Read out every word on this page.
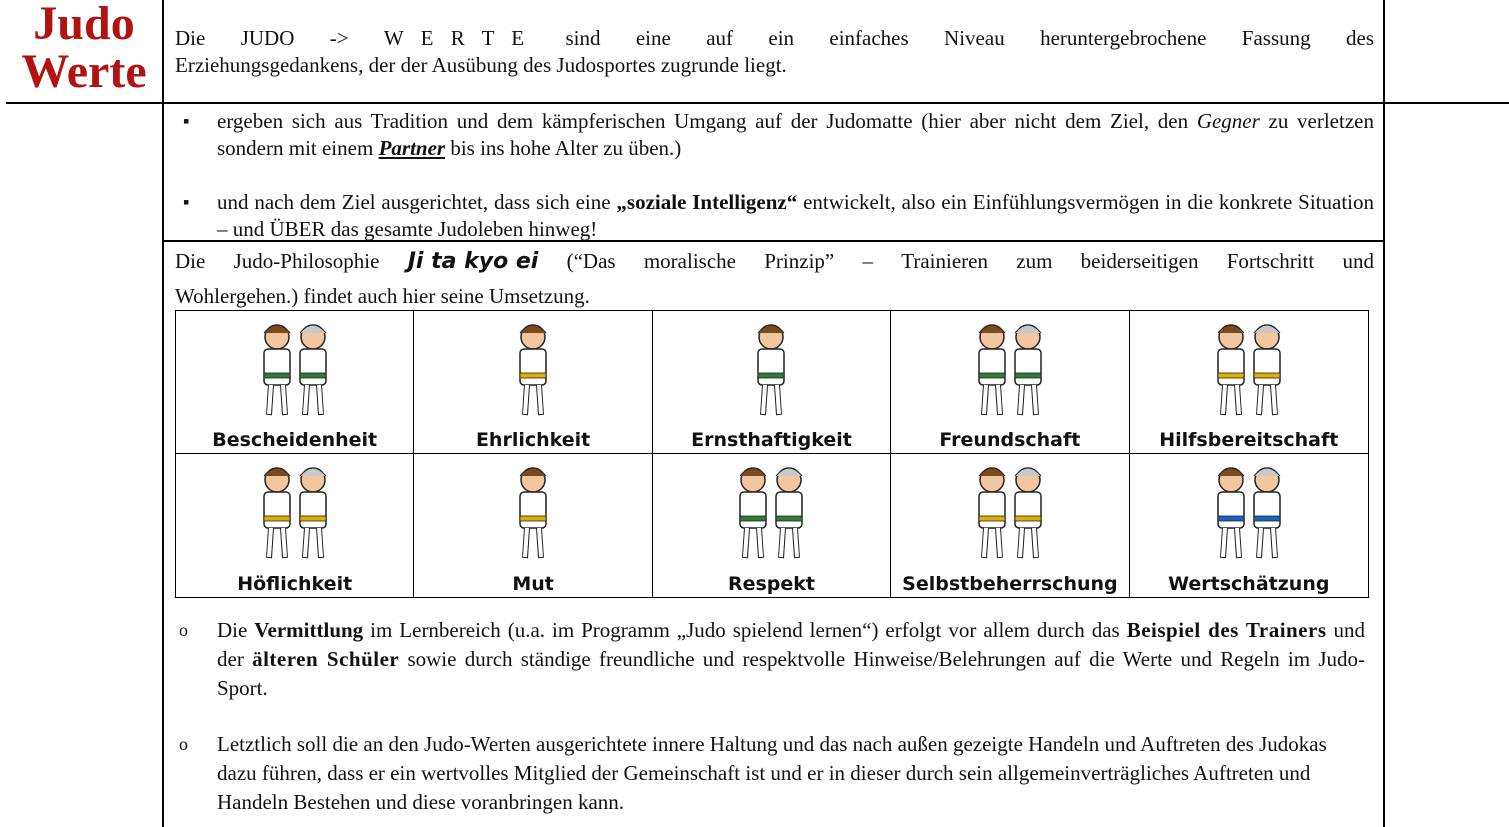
Judo
Werte
Die JUDO -> W E R T E sind eine auf ein einfaches Niveau heruntergebrochene Fassung des
Erziehungsgedankens, der der Ausübung des Judosportes zugrunde liegt.
▪ ergeben sich aus Tradition und dem kämpferischen Umgang auf der Judomatte (hier aber nicht dem Ziel, den Gegner zu verletzen sondern mit einem Partner bis ins hohe Alter zu üben.)
▪ und nach dem Ziel ausgerichtet, dass sich eine „soziale Intelligenz“ entwickelt, also ein Einfühlungsvermögen in die konkrete Situation – und ÜBER das gesamte Judoleben hinweg!
Die Judo-Philosophie Ji ta kyo ei (“Das moralische Prinzip” – Trainieren zum beiderseitigen Fortschritt und
Wohlergehen.) findet auch hier seine Umsetzung.
Bescheidenheit	Ehrlichkeit	Ernsthaftigkeit	Freundschaft	Hilfsbereitschaft
Höflichkeit	Mut	Respekt	Selbstbeherrschung	Wertschätzung
o Die Vermittlung im Lernbereich (u.a. im Programm „Judo spielend lernen“) erfolgt vor allem durch das Beispiel des Trainers und der älteren Schüler sowie durch ständige freundliche und respektvolle Hinweise/Belehrungen auf die Werte und Regeln im Judo-Sport.
o Letztlich soll die an den Judo-Werten ausgerichtete innere Haltung und das nach außen gezeigte Handeln und Auftreten des Judokas dazu führen, dass er ein wertvolles Mitglied der Gemeinschaft ist und er in dieser durch sein allgemeinverträgliches Auftreten und Handeln Bestehen und diese voranbringen kann.
